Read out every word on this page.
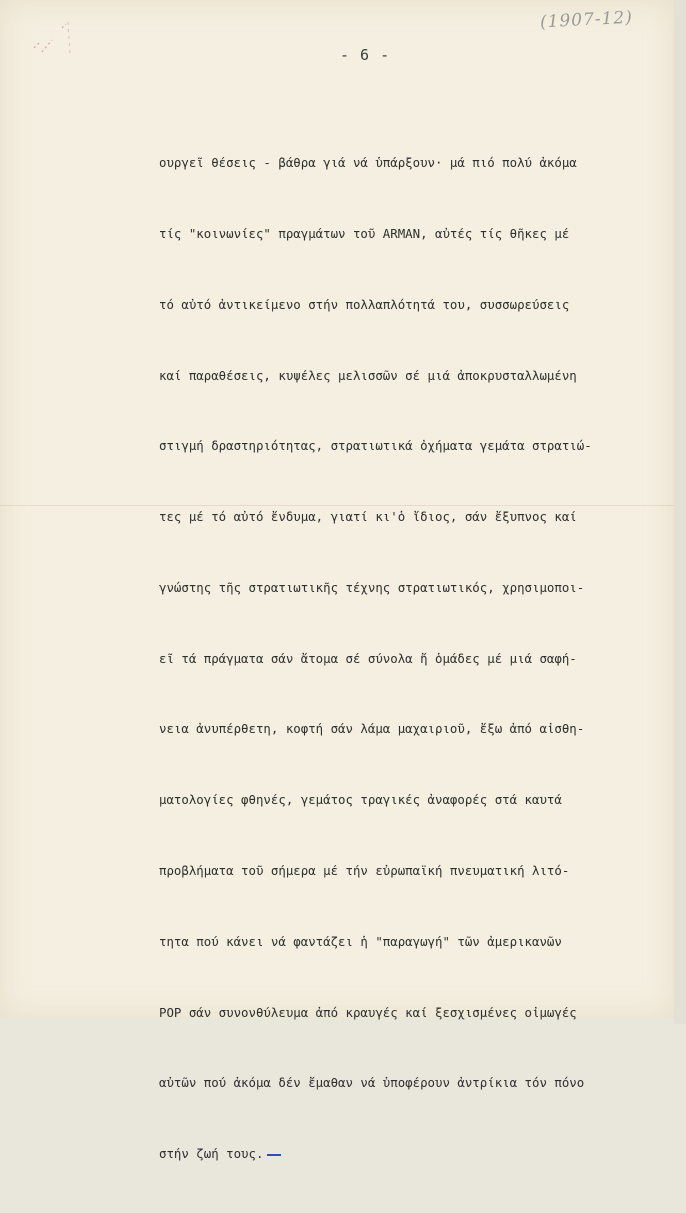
(1907-12)
- 6 -

ουργεῖ θέσεις - βάθρα γιά νά ὑπάρξουν· μά πιό πολύ ἀκόμα

τίς "κοινωνίες" πραγμάτων τοῦ ARMAN, αὐτές τίς θῆκες μέ

τό αὐτό ἀντικείμενο στήν πολλαπλότητά του, συσσωρεύσεις

καί παραθέσεις, κυψέλες μελισσῶν σέ μιά ἀποκρυσταλλωμένη

στιγμή δραστηριότητας, στρατιωτικά ὀχήματα γεμάτα στρατιώ-

τες μέ τό αὐτό ἔνδυμα, γιατί κι'ὁ ἴδιος, σάν ἔξυπνος καί

γνώστης τῆς στρατιωτικῆς τέχνης στρατιωτικός, χρησιμοποι-

εῖ τά πράγματα σάν ἄτομα σέ σύνολα ἤ ὁμάδες μέ μιά σαφή-

νεια ἀνυπέρθετη, κοφτή σάν λάμα μαχαιριοῦ, ἔξω ἀπό αἰσθη-

ματολογίες φθηνές, γεμάτος τραγικές ἀναφορές στά καυτά

προβλήματα τοῦ σήμερα μέ τήν εὐρωπαϊκή πνευματική λιτό-

τητα πού κάνει νά φαντάζει ἡ "παραγωγή" τῶν ἀμερικανῶν

POP σάν συνονθύλευμα ἀπό κραυγές καί ξεσχισμένες οἰμωγές

αὐτῶν πού ἀκόμα δέν ἔμαθαν νά ὑποφέρουν ἀντρίκια τόν πόνο

στήν ζωή τους.
